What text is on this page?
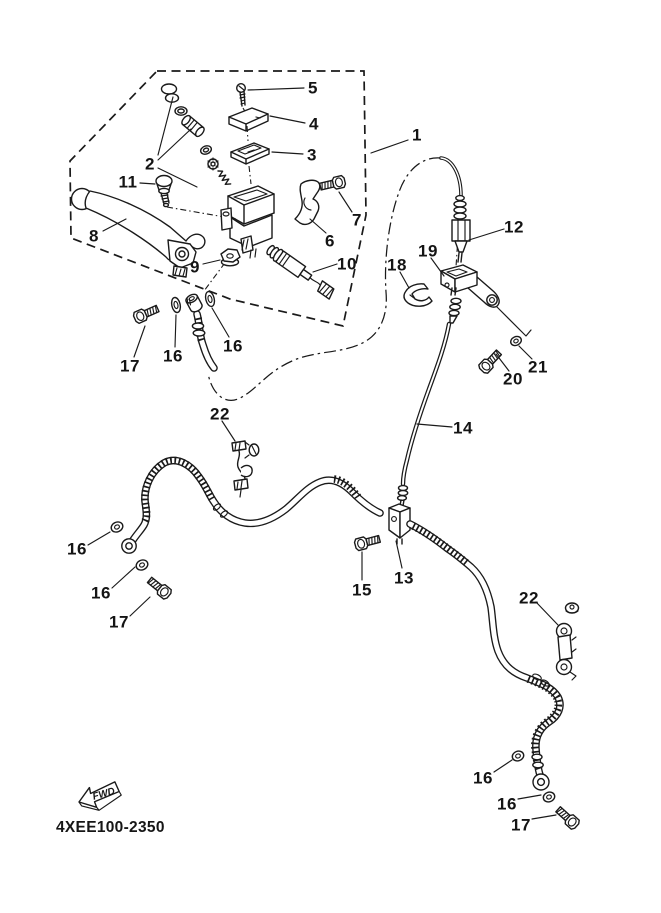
1
2	3
4
5
6
7
8
9	10
11
12
13
14
15
16
16
17
18
19
20
21
22
22
16
16
17
16
16
17
FWD
4XEE100-2350
